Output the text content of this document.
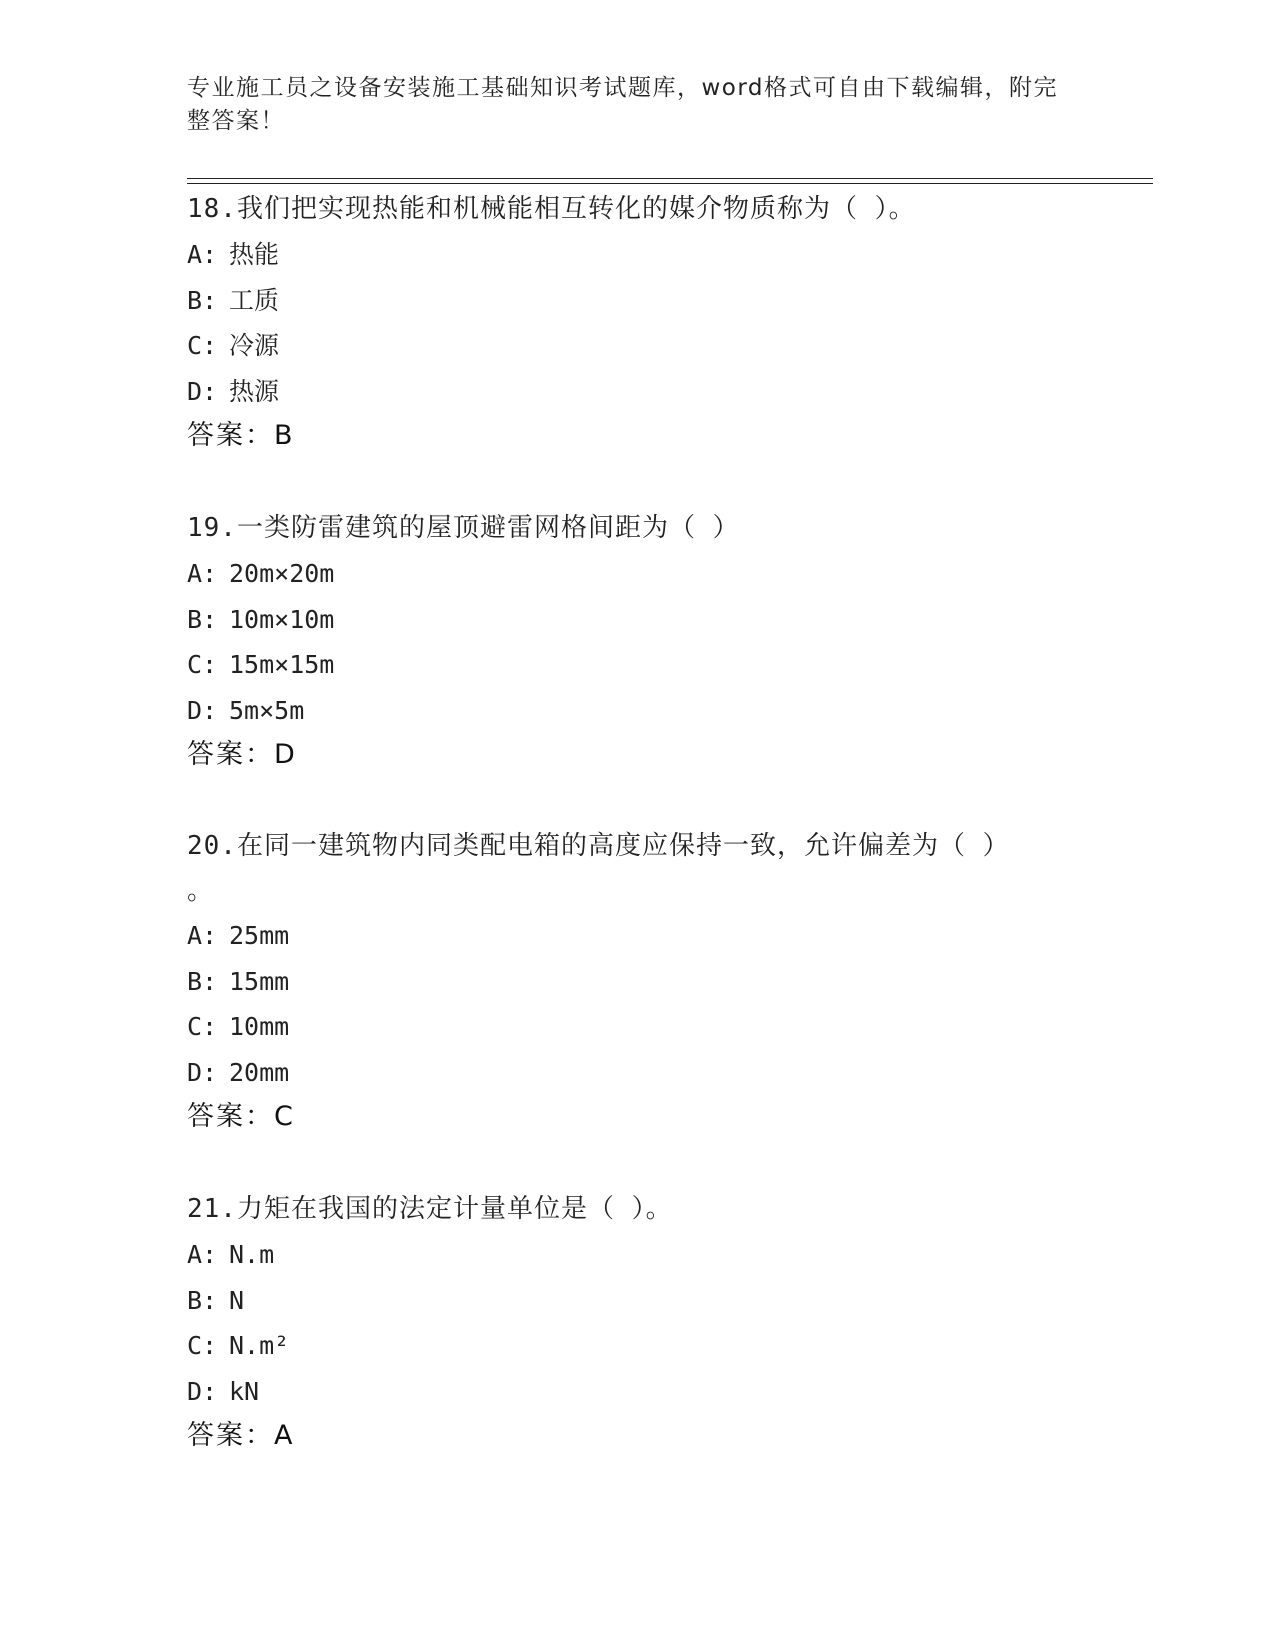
专业施工员之设备安装施工基础知识考试题库，word格式可自由下载编辑，附完
整答案！
18.我们把实现热能和机械能相互转化的媒介物质称为（ ）。
A: 热能
B: 工质
C: 冷源
D: 热源
答案：B
19.一类防雷建筑的屋顶避雷网格间距为（ ）
A: 20m×20m
B: 10m×10m
C: 15m×15m
D: 5m×5m
答案：D
20.在同一建筑物内同类配电箱的高度应保持一致，允许偏差为（ ）
。
A: 25mm
B: 15mm
C: 10mm
D: 20mm
答案：C
21.力矩在我国的法定计量单位是（ ）。
A: N.m
B: N
C: N.m²
D: kN
答案：A
